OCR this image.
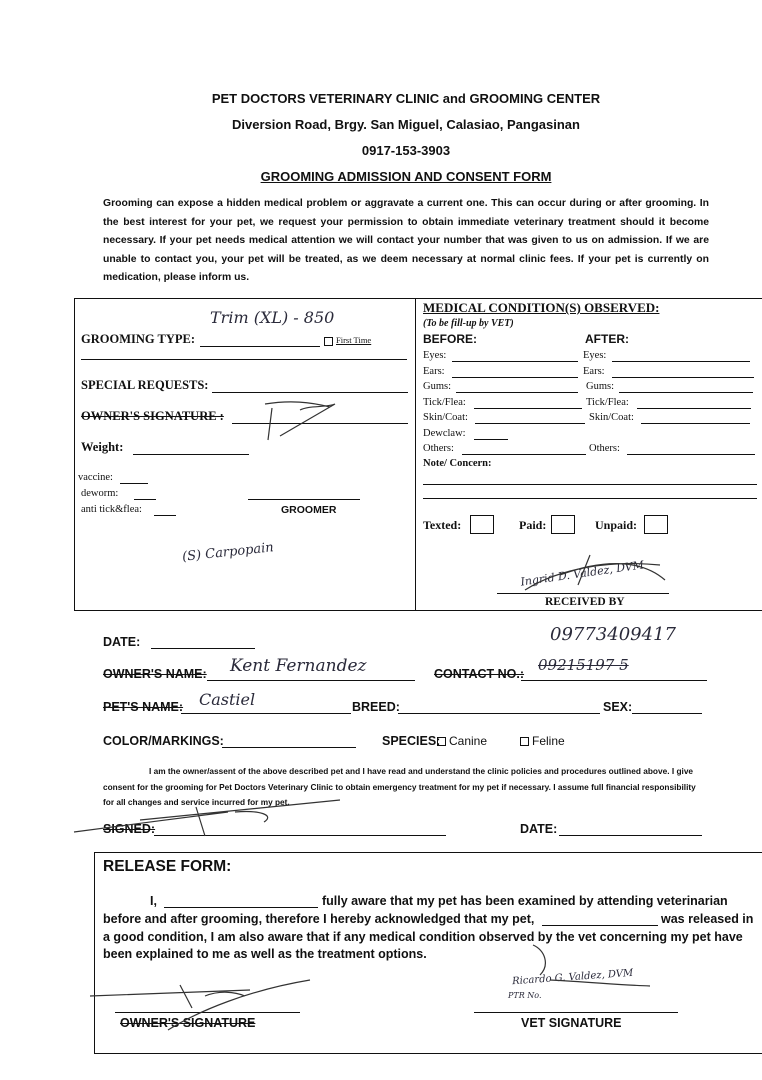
PET DOCTORS VETERINARY CLINIC and GROOMING CENTER
Diversion Road, Brgy. San Miguel, Calasiao, Pangasinan
0917-153-3903
GROOMING ADMISSION AND CONSENT FORM
Grooming can expose a hidden medical problem or aggravate a current one. This can occur during or after grooming. In the best interest for your pet, we request your permission to obtain immediate veterinary treatment should it become necessary. If your pet needs medical attention we will contact your number that was given to us on admission. If we are unable to contact you, your pet will be treated, as we deem necessary at normal clinic fees. If your pet is currently on medication, please inform us.
GROOMING TYPE:
Trim (XL) - 850
First Time
SPECIAL REQUESTS:
OWNER'S SIGNATURE :
Weight:
vaccine:
deworm:
anti tick&flea:	GROOMER
(S) Carpopain
MEDICAL CONDITION(S) OBSERVED:
(To be fill-up by VET)
BEFORE:	AFTER:
Eyes:	Eyes:
Ears:	Ears:
Gums:	Gums:
Tick/Flea:	Tick/Flea:
Skin/Coat:	Skin/Coat:
Dewclaw:
Others:	Others:
Note/ Concern:
Texted:	Paid:	Unpaid:
Ingrid D. Valdez, DVM
RECEIVED BY
DATE:
OWNER'S NAME: Kent Fernandez	CONTACT NO.: 09215197 5
09773409417
PET'S NAME: Castiel	BREED:	SEX:
COLOR/MARKINGS:	SPECIES: Canine	Feline
I am the owner/assent of the above described pet and I have read and understand the clinic policies and procedures outlined above. I give consent for the grooming for Pet Doctors Veterinary Clinic to obtain emergency treatment for my pet if necessary. I assume full financial responsibility for all changes and service incurred for my pet.
SIGNED:	DATE:
RELEASE FORM:
I,	fully aware that my pet has been examined by attending veterinarian
before and after grooming, therefore I hereby acknowledged that my pet,	was released in
a good condition, I am also aware that if any medical condition observed by the vet concerning my pet have
been explained to me as well as the treatment options.
Ricardo G. Valdez, DVM
PTR No.
OWNER'S SIGNATURE	VET SIGNATURE
